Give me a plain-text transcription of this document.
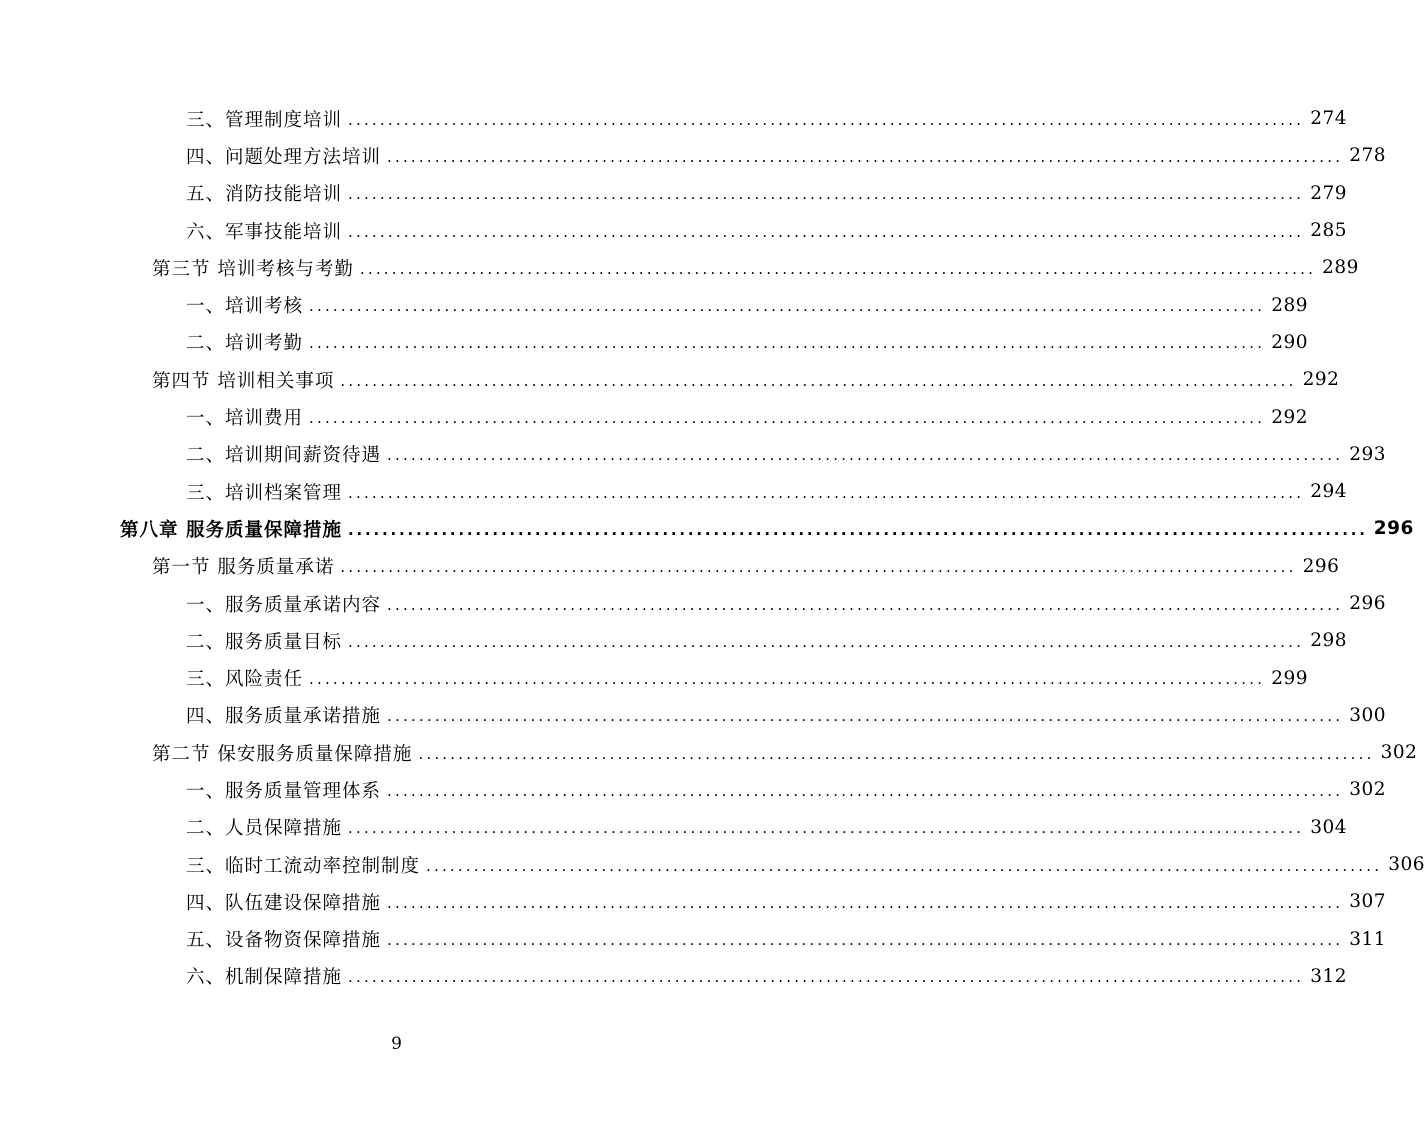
三、管理制度培训 ........................................................................................................................ 274
四、问题处理方法培训 ........................................................................................................................ 278
五、消防技能培训 ........................................................................................................................ 279
六、军事技能培训 ........................................................................................................................ 285
第三节 培训考核与考勤 ........................................................................................................................ 289
一、培训考核 ........................................................................................................................ 289
二、培训考勤 ........................................................................................................................ 290
第四节 培训相关事项 ........................................................................................................................ 292
一、培训费用 ........................................................................................................................ 292
二、培训期间薪资待遇 ........................................................................................................................ 293
三、培训档案管理 ........................................................................................................................ 294
第八章 服务质量保障措施 ........................................................................................................................ 296
第一节 服务质量承诺 ........................................................................................................................ 296
一、服务质量承诺内容 ........................................................................................................................ 296
二、服务质量目标 ........................................................................................................................ 298
三、风险责任 ........................................................................................................................ 299
四、服务质量承诺措施 ........................................................................................................................ 300
第二节 保安服务质量保障措施 ........................................................................................................................ 302
一、服务质量管理体系 ........................................................................................................................ 302
二、人员保障措施 ........................................................................................................................ 304
三、临时工流动率控制制度 ........................................................................................................................ 306
四、队伍建设保障措施 ........................................................................................................................ 307
五、设备物资保障措施 ........................................................................................................................ 311
六、机制保障措施 ........................................................................................................................ 312
9
